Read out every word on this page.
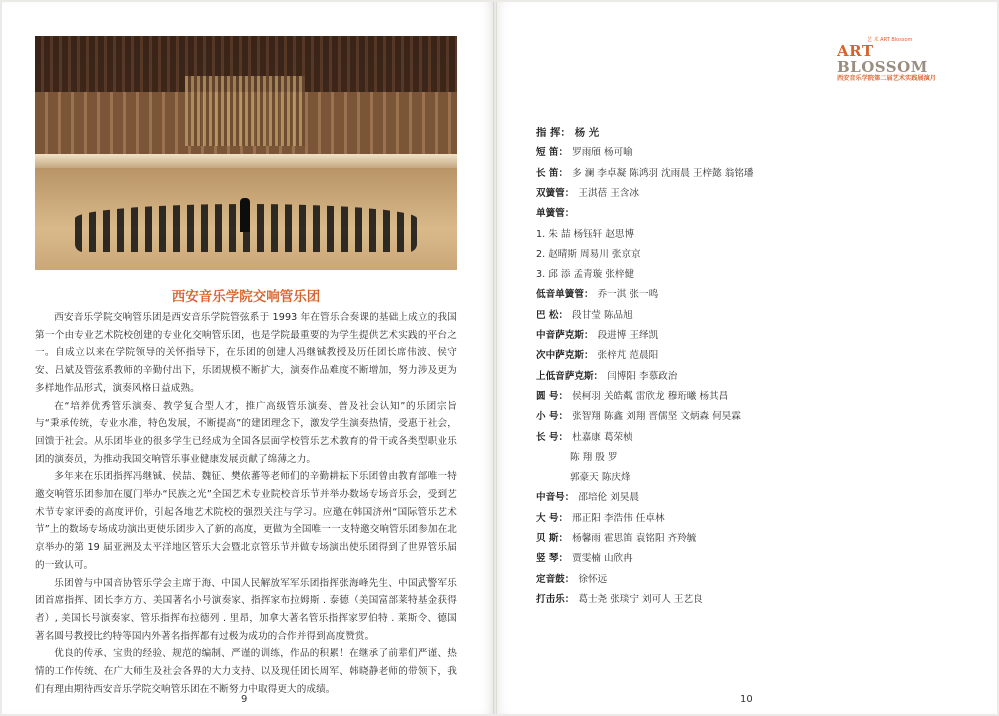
西安音乐学院交响管乐团

西安音乐学院交响管乐团是西安音乐学院管弦系于 1993 年在管乐合奏课的基础上成立的我国第一个由专业艺术院校创建的专业化交响管乐团，也是学院最重要的为学生提供艺术实践的平台之一。自成立以来在学院领导的关怀指导下，在乐团的创建人冯继铖教授及历任团长席伟波、侯守安、吕斌及管弦系教师的辛勤付出下，乐团规模不断扩大，演奏作品难度不断增加，努力涉及更为多样地作品形式，演奏风格日益成熟。

在“培养优秀管乐演奏、教学复合型人才，推广高级管乐演奏、普及社会认知”的乐团宗旨与“秉承传统，专业水准，特色发展，不断提高”的建团理念下，激发学生演奏热情，受惠于社会，回馈于社会。从乐团毕业的很多学生已经成为全国各层面学校管乐艺术教育的骨干或各类型职业乐团的演奏员，为推动我国交响管乐事业健康发展贡献了绵薄之力。

多年来在乐团指挥冯继铖、侯喆、魏征、樊依蕃等老师们的辛勤耕耘下乐团曾由教育部唯一特邀交响管乐团参加在厦门举办“民族之光”全国艺术专业院校音乐节并举办数场专场音乐会，受到艺术节专家评委的高度评价，引起各地艺术院校的强烈关注与学习。应邀在韩国济州“国际管乐艺术节”上的数场专场成功演出更使乐团步入了新的高度，更做为全国唯一一支特邀交响管乐团参加在北京举办的第 19 届亚洲及太平洋地区管乐大会暨北京管乐节并做专场演出使乐团得到了世界管乐届的一致认可。

乐团曾与中国音协管乐学会主席于海、中国人民解放军军乐团指挥张海峰先生、中国武警军乐团首席指挥、团长李方方、美国著名小号演奏家、指挥家布拉姆斯 . 泰德（美国富部莱特基金获得者）, 美国长号演奏家、管乐指挥布拉德列 . 里昂，加拿大著名管乐指挥家罗伯特 . 莱斯令、德国著名圆号教授比约特等国内外著名指挥都有过极为成功的合作并得到高度赞赏。

优良的传承、宝贵的经验、规范的编制、严谨的训练，作品的积累！在继承了前辈们严谨、热情的工作传统、在广大师生及社会各界的大力支持、以及现任团长周军、韩晓静老师的带领下，我们有理由期待西安音乐学院交响管乐团在不断努力中取得更大的成绩。

9
艺 术 ART Blossom
ART BLOSSOM
西安音乐学院第二届艺术实践展演月
指 挥： 杨 光
短 笛： 罗雨頎 杨可喻
长 笛： 多 澜 李卓凝 陈鸿羽 沈雨晨 王梓懿 翁铭璠
双簧管： 王淇蓓 王含冰
单簧管：
1. 朱 喆 杨钰轩 赵思博
2. 赵晴斯 周易川 张京京
3. 邱 添 孟青璇 张梓健
低音单簧管： 乔一淇 张一鸣
巴 松： 段甘莹 陈品旭
中音萨克斯： 段进博 王绎凯
次中萨克斯： 张梓芃 范晨阳
上低音萨克斯： 闫博阳 李慕政治
圆 号： 侯柯羽 关皓粼 雷欣龙 穆珩曦 杨其昌
小 号： 张智翔 陈鑫 刘翔 晋儒坚 文炳森 何昊霖
长 号： 杜嘉康 葛荣桢
陈 翔 殷 罗
郭豪天 陈庆烽
中音号： 邵培伦 刘昊晨
大 号： 邢正阳 李浩伟 任卓林
贝 斯： 杨馨雨 霍思笛 袁铭阳 齐羚毓
竖 琴： 贾雯楠 山欣冉
定音鼓： 徐怀远
打击乐： 葛士尧 张琰宁 刘可人 王艺良
10
